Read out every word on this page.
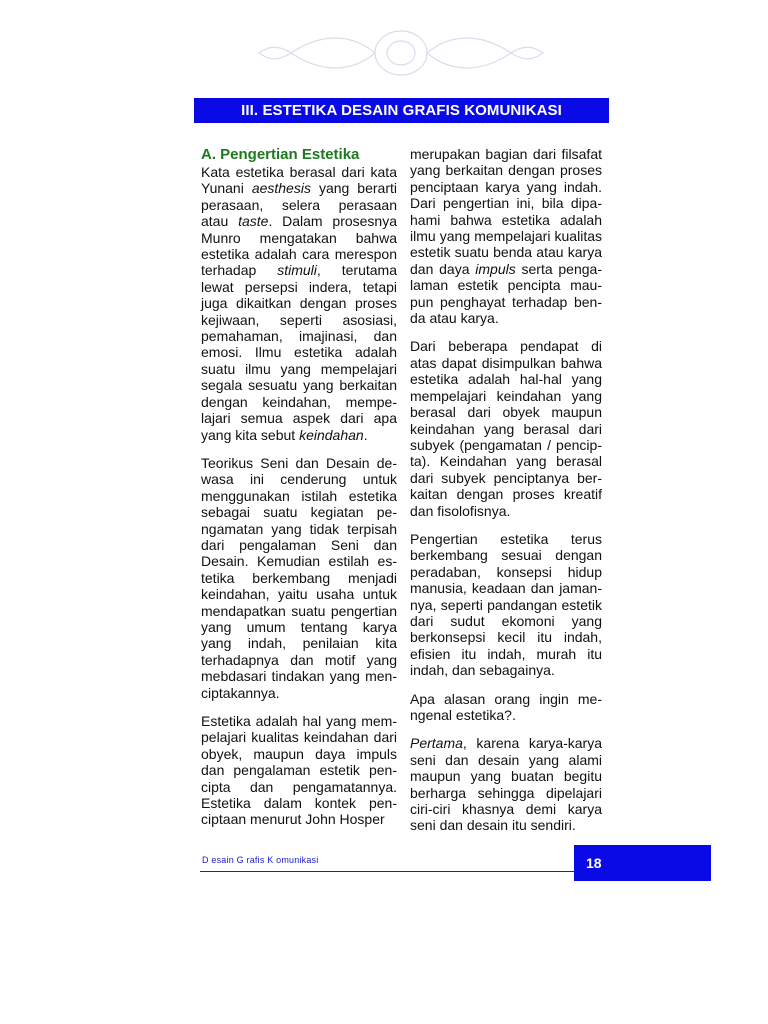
III. ESTETIKA DESAIN GRAFIS KOMUNIKASI
A. Pengertian Estetika

Kata estetika berasal dari kata Yunani aesthesis yang berarti perasaan, selera perasaan atau taste. Dalam prosesnya Munro mengatakan bahwa estetika adalah cara merespon terhadap stimuli, terutama lewat persepsi indera, tetapi juga dikaitkan dengan proses kejiwaan, seperti asosiasi, pemahaman, imajinasi, dan emosi. Ilmu estetika adalah suatu ilmu yang mempelajari segala sesuatu yang berkaitan dengan keindahan, mempelajari semua aspek dari apa yang kita sebut keindahan.

Teorikus Seni dan Desain dewasa ini cenderung untuk menggunakan istilah estetika sebagai suatu kegiatan pengamatan yang tidak terpisah dari pengalaman Seni dan Desain. Kemudian estilah estetika berkembang menjadi keindahan, yaitu usaha untuk mendapatkan suatu pengertian yang umum tentang karya yang indah, penilaian kita terhadapnya dan motif yang mebdasari tindakan yang menciptakannya.

Estetika adalah hal yang mempelajari kualitas keindahan dari obyek, maupun daya impuls dan pengalaman estetik pencipta dan pengamatannya. Estetika dalam kontek penciptaan menurut John Hosper

merupakan bagian dari filsafat yang berkaitan dengan proses penciptaan karya yang indah. Dari pengertian ini, bila dipahami bahwa estetika adalah ilmu yang mempelajari kualitas estetik suatu benda atau karya dan daya impuls serta pengalaman estetik pencipta maupun penghayat terhadap benda atau karya.

Dari beberapa pendapat di atas dapat disimpulkan bahwa estetika adalah hal-hal yang mempelajari keindahan yang berasal dari obyek maupun keindahan yang berasal dari subyek (pengamatan / pencipta). Keindahan yang berasal dari subyek penciptanya berkaitan dengan proses kreatif dan fisolofisnya.

Pengertian estetika terus berkembang sesuai dengan peradaban, konsepsi hidup manusia, keadaan dan jamannya, seperti pandangan estetik dari sudut ekomoni yang berkonsepsi kecil itu indah, efisien itu indah, murah itu indah, dan sebagainya.

Apa alasan orang ingin mengenal estetika?.

Pertama, karena karya-karya seni dan desain yang alami maupun yang buatan begitu berharga sehingga dipelajari ciri-ciri khasnya demi karya seni dan desain itu sendiri.

D esain G rafis K omunikasi	18
